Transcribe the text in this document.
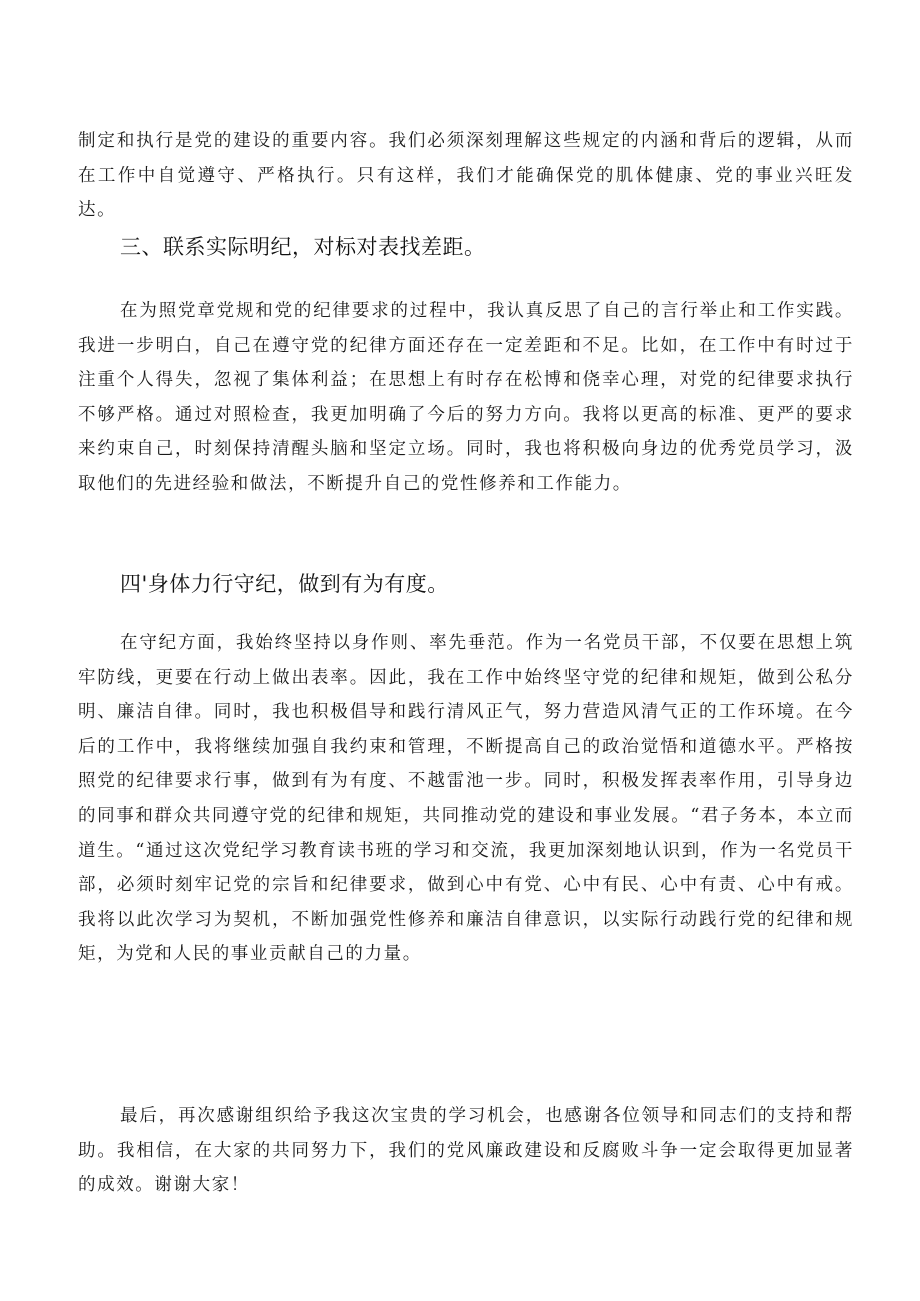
制定和执行是党的建设的重要内容。我们必须深刻理解这些规定的内涵和背后的逻辑，从而在工作中自觉遵守、严格执行。只有这样，我们才能确保党的肌体健康、党的事业兴旺发达。

三、联系实际明纪，对标对表找差距。

在为照党章党规和党的纪律要求的过程中，我认真反思了自己的言行举止和工作实践。我进一步明白，自己在遵守党的纪律方面还存在一定差距和不足。比如，在工作中有时过于注重个人得失，忽视了集体利益；在思想上有时存在松博和侥幸心理，对党的纪律要求执行不够严格。通过对照检查，我更加明确了今后的努力方向。我将以更高的标准、更严的要求来约束自己，时刻保持清醒头脑和坚定立场。同时，我也将积极向身边的优秀党员学习，汲取他们的先进经验和做法，不断提升自己的党性修养和工作能力。

四'身体力行守纪，做到有为有度。

在守纪方面，我始终坚持以身作则、率先垂范。作为一名党员干部，不仅要在思想上筑牢防线，更要在行动上做出表率。因此，我在工作中始终坚守党的纪律和规矩，做到公私分明、廉洁自律。同时，我也积极倡导和践行清风正气，努力营造风清气正的工作环境。在今后的工作中，我将继续加强自我约束和管理，不断提高自己的政治觉悟和道德水平。严格按照党的纪律要求行事，做到有为有度、不越雷池一步。同时，积极发挥表率作用，引导身边的同事和群众共同遵守党的纪律和规矩，共同推动党的建设和事业发展。“君子务本，本立而道生。“通过这次党纪学习教育读书班的学习和交流，我更加深刻地认识到，作为一名党员干部，必须时刻牢记党的宗旨和纪律要求，做到心中有党、心中有民、心中有责、心中有戒。我将以此次学习为契机，不断加强党性修养和廉洁自律意识，以实际行动践行党的纪律和规矩，为党和人民的事业贡献自己的力量。

最后，再次感谢组织给予我这次宝贵的学习机会，也感谢各位领导和同志们的支持和帮助。我相信，在大家的共同努力下，我们的党风廉政建设和反腐败斗争一定会取得更加显著的成效。谢谢大家！
